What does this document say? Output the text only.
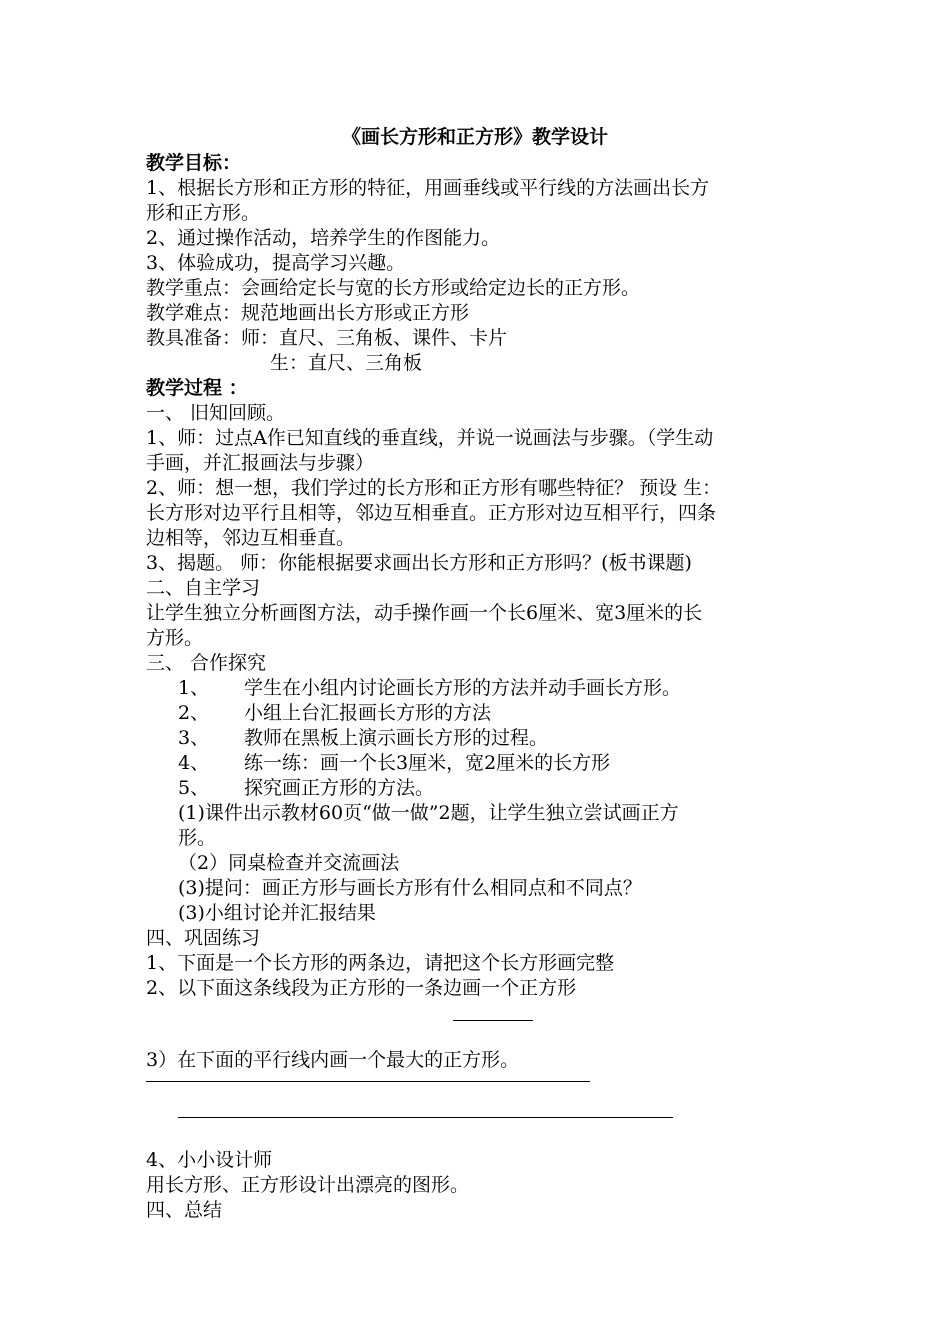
《画长方形和正方形》教学设计
教学目标：
1、根据长方形和正方形的特征，用画垂线或平行线的方法画出长方
形和正方形。
2、通过操作活动，培养学生的作图能力。
3、体验成功，提高学习兴趣。
教学重点：会画给定长与宽的长方形或给定边长的正方形。
教学难点：规范地画出长方形或正方形
教具准备：师：直尺、三角板、课件、卡片
生：直尺、三角板
教学过程 ：
一、 旧知回顾。
1、师：过点A作已知直线的垂直线，并说一说画法与步骤。（学生动
手画，并汇报画法与步骤）
2、师：想一想，我们学过的长方形和正方形有哪些特征？ 预设 生：
长方形对边平行且相等，邻边互相垂直。正方形对边互相平行，四条
边相等，邻边互相垂直。
3、揭题。 师：你能根据要求画出长方形和正方形吗？(板书课题)
二、自主学习
让学生独立分析画图方法，动手操作画一个长6厘米、宽3厘米的长
方形。
三、 合作探究
1、 学生在小组内讨论画长方形的方法并动手画长方形。
2、 小组上台汇报画长方形的方法
3、 教师在黑板上演示画长方形的过程。
4、 练一练：画一个长3厘米，宽2厘米的长方形
5、 探究画正方形的方法。
(1)课件出示教材60页“做一做”2题，让学生独立尝试画正方
形。
（2）同桌检查并交流画法
(3)提问：画正方形与画长方形有什么相同点和不同点？
(3)小组讨论并汇报结果
四、巩固练习
1、下面是一个长方形的两条边，请把这个长方形画完整
2、以下面这条线段为正方形的一条边画一个正方形
3）在下面的平行线内画一个最大的正方形。
4、小小设计师
用长方形、正方形设计出漂亮的图形。
四、总结
